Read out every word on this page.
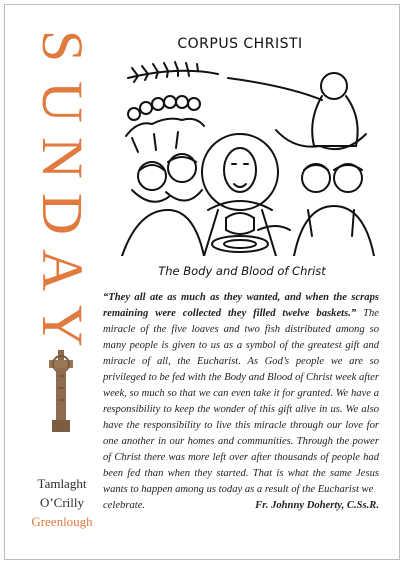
S
U
N
D
A
Y
Tamlaght
O’Crilly
Greenlough
CORPUS CHRISTI
The Body and Blood of Christ
“They all ate as much as they wanted, and when the scraps remaining were collected they filled twelve baskets.” The miracle of the five loaves and two fish distributed among so many people is given to us as a symbol of the greatest gift and miracle of all, the Eucharist. As God’s people we are so privileged to be fed with the Body and Blood of Christ week after week, so much so that we can even take it for granted. We have a responsibility to keep the wonder of this gift alive in us. We also have the responsibility to live this miracle through our love for one another in our homes and communities. Through the power of Christ there was more left over after thousands of people had been fed than when they started. That is what the same Jesus wants to happen among us today as a result of the Eucharist we
celebrate.	Fr. Johnny Doherty, C.Ss.R.
